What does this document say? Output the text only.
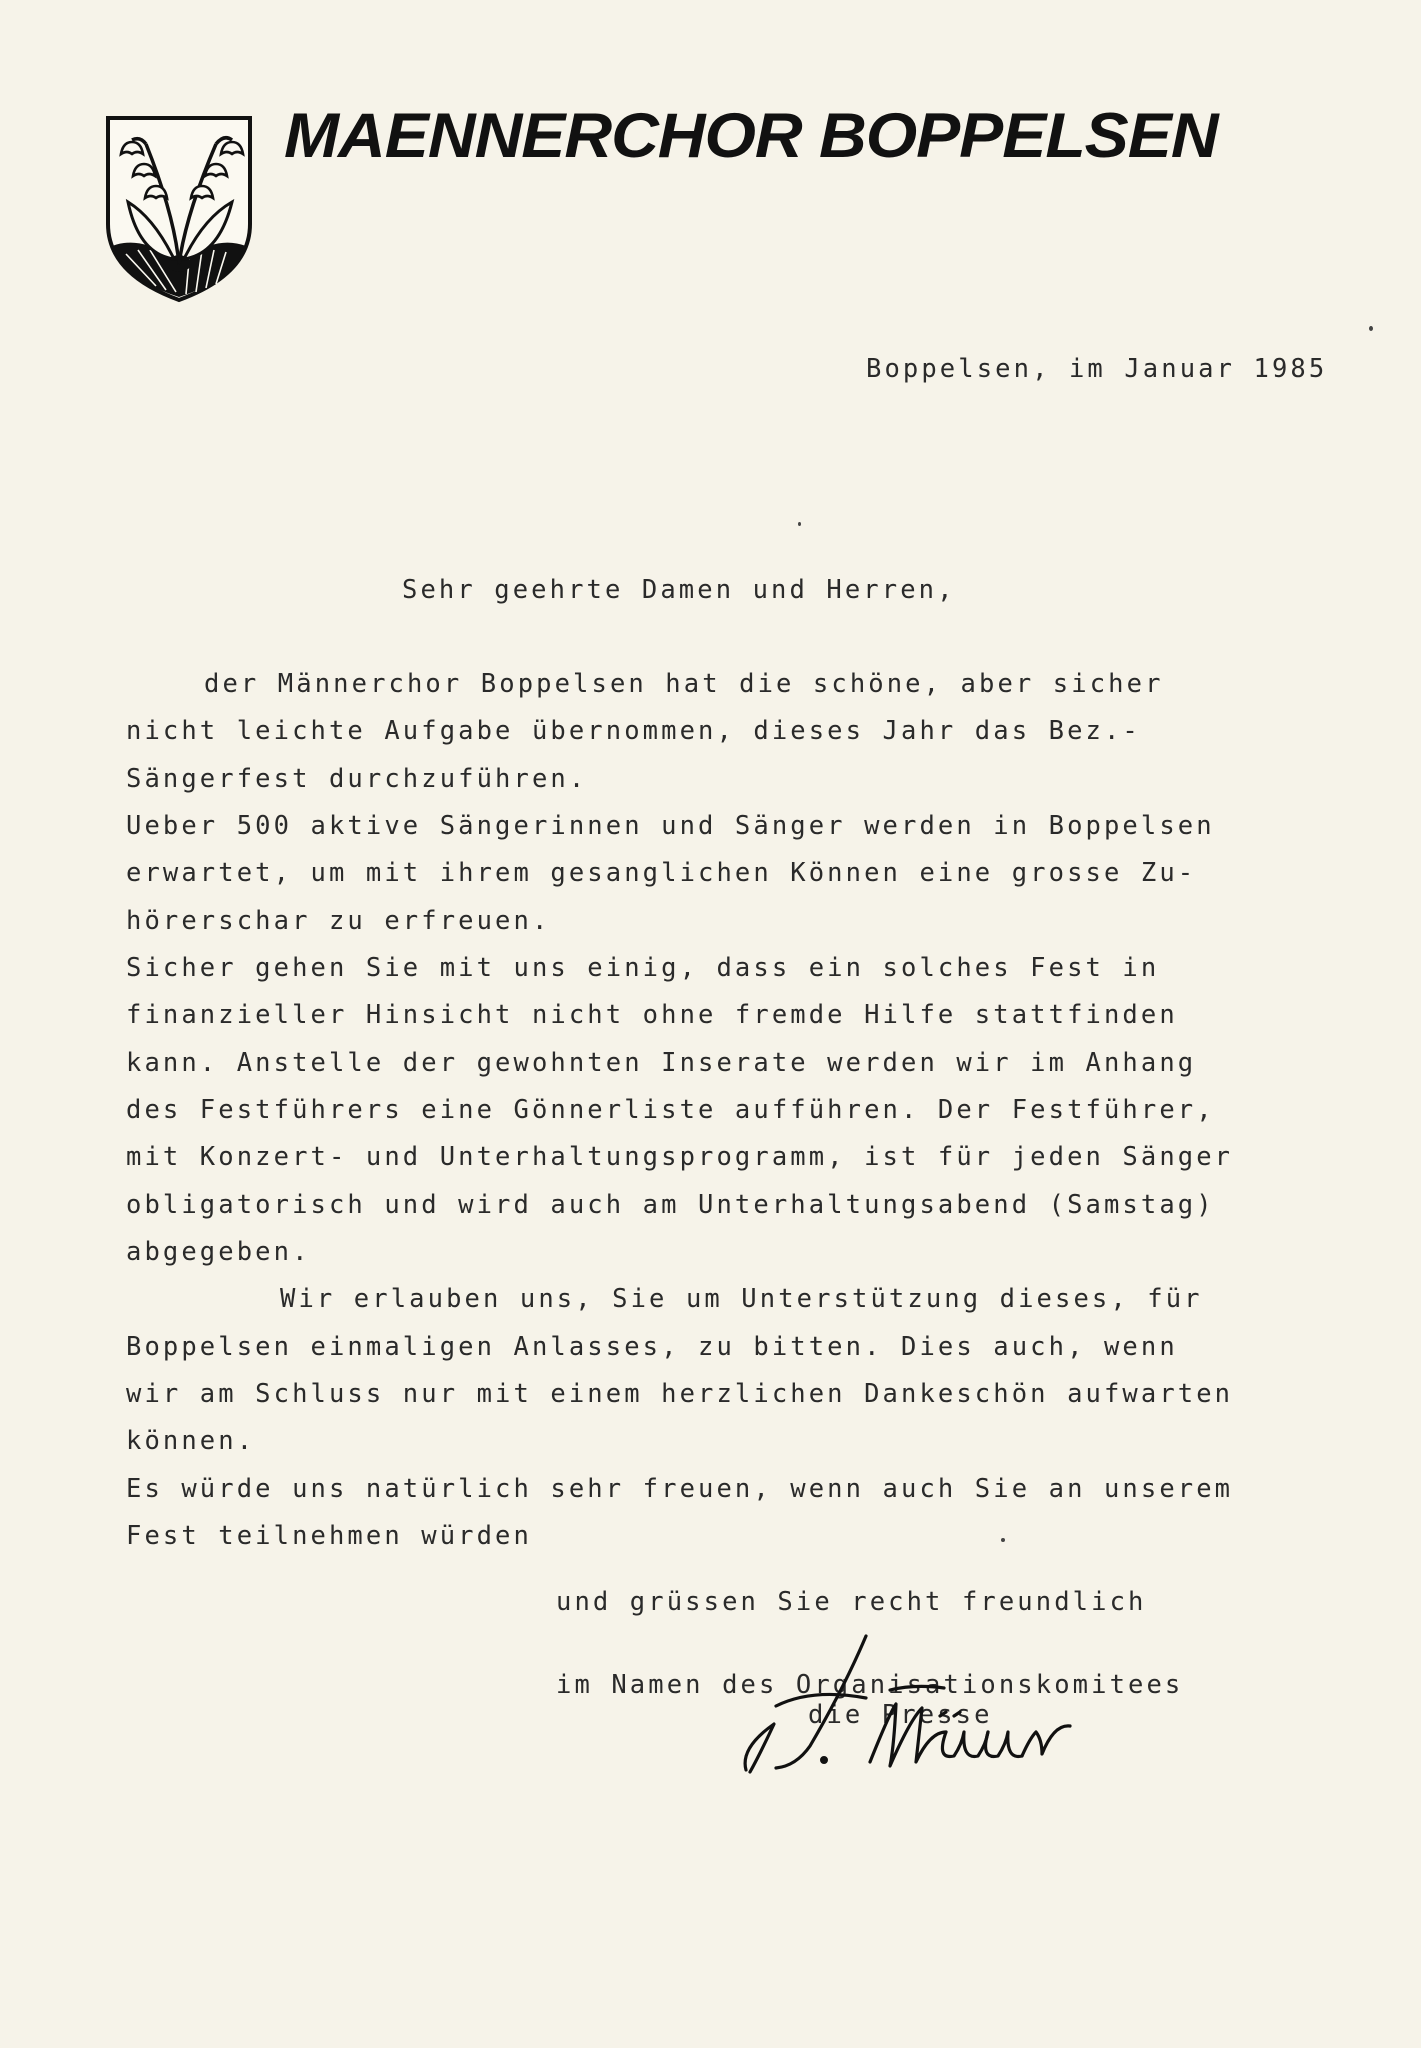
MAENNERCHOR BOPPELSEN
Boppelsen, im Januar 1985
Sehr geehrte Damen und Herren,
der Männerchor Boppelsen hat die schöne, aber sicher
nicht leichte Aufgabe übernommen, dieses Jahr das Bez.-
Sängerfest durchzuführen.
Ueber 500 aktive Sängerinnen und Sänger werden in Boppelsen
erwartet, um mit ihrem gesanglichen Können eine grosse Zu-
hörerschar zu erfreuen.
Sicher gehen Sie mit uns einig, dass ein solches Fest in
finanzieller Hinsicht nicht ohne fremde Hilfe stattfinden
kann. Anstelle der gewohnten Inserate werden wir im Anhang
des Festführers eine Gönnerliste aufführen. Der Festführer,
mit Konzert- und Unterhaltungsprogramm, ist für jeden Sänger
obligatorisch und wird auch am Unterhaltungsabend (Samstag)
abgegeben.
Wir erlauben uns, Sie um Unterstützung dieses, für
Boppelsen einmaligen Anlasses, zu bitten. Dies auch, wenn
wir am Schluss nur mit einem herzlichen Dankeschön aufwarten
können.
Es würde uns natürlich sehr freuen, wenn auch Sie an unserem
Fest teilnehmen würden
und grüssen Sie recht freundlich
im Namen des Organisationskomitees
die Presse
